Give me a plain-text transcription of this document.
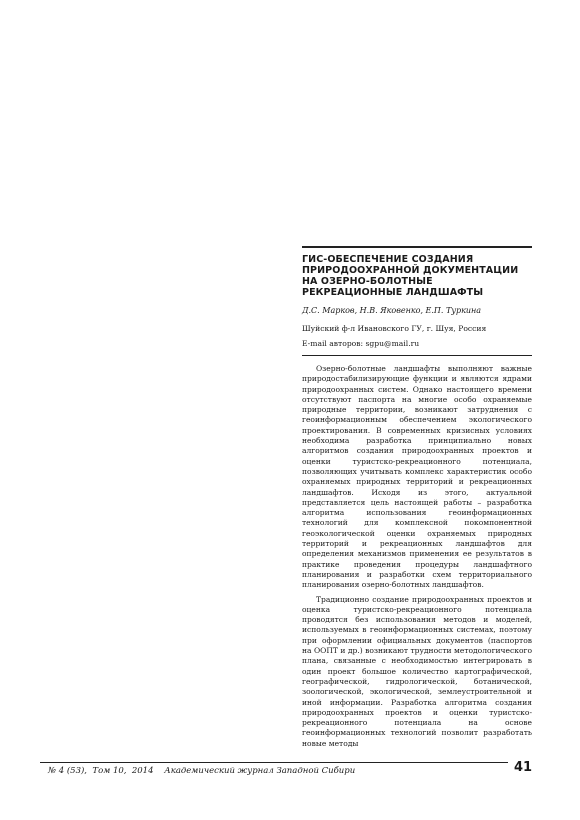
ГИС-ОБЕСПЕЧЕНИЕ СОЗДАНИЯ ПРИРОДООХРАННОЙ ДОКУМЕНТАЦИИ НА ОЗЕРНО-БОЛОТНЫЕ РЕКРЕАЦИОННЫЕ ЛАНДШАФТЫ

Д.С. Марков, Н.В. Яковенко, Е.П. Туркина

Шуйский ф-л Ивановского ГУ, г. Шуя, Россия

E-mail авторов: sgpu@mail.ru

Озерно-болотные ландшафты выполняют важные природостабилизирующие функции и являются ядрами природоохранных систем. Однако настоящего времени отсутствуют паспорта на многие особо охраняемые природные территории, возникают затруднения с геоинформационным обеспечением экологического проектирования. В современных кризисных условиях необходима разработка принципиально новых алгоритмов создания природоохранных проектов и оценки туристско-рекреационного потенциала, позволяющих учитывать комплекс характеристик особо охраняемых природных территорий и рекреационных ландшафтов. Исходя из этого, актуальной представляется цель настоящей работы – разработка алгоритма использования геоинформационных технологий для комплексной покомпонентной геоэкологической оценки охраняемых природных территорий и рекреационных ландшафтов для определения механизмов применения ее результатов в практике проведения процедуры ландшафтного планирования и разработки схем территориального планирования озерно-болотных ландшафтов.

Традиционно создание природоохранных проектов и оценка туристско-рекреационного потенциала проводятся без использования методов и моделей, используемых в геоинформационных системах, поэтому при оформлении официальных документов (паспортов на ООПТ и др.) возникают трудности методологического плана, связанные с необходимостью интегрировать в один проект большое количество картографической, географической, гидрологической, ботанической, зоологической, экологической, землеустроительной и иной информации. Разработка алгоритма создания природоохранных проектов и оценки туристско-рекреационного потенциала на основе геоинформационных технологий позволит разработать новые методы

№ 4 (53),  Том 10,  2014    Академический журнал Западной Сибири	41
